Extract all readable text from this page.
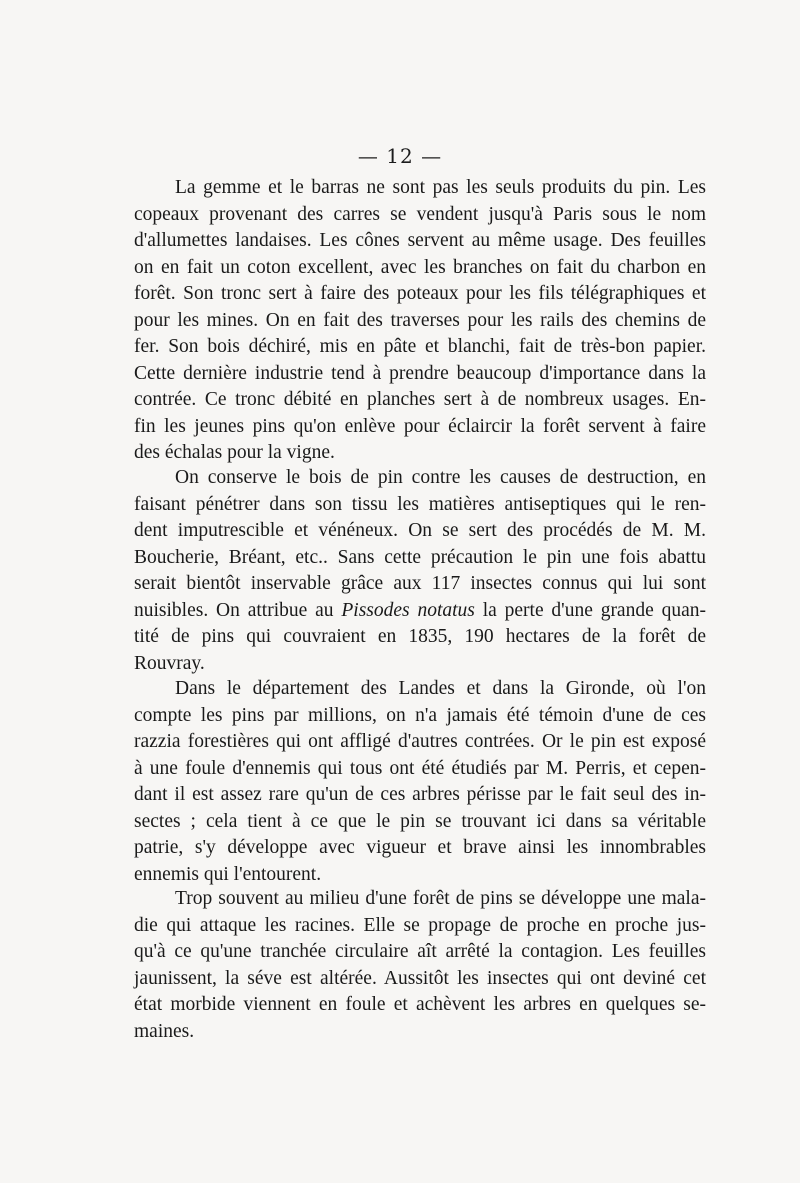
— 12 —

La gemme et le barras ne sont pas les seuls produits du pin. Les
copeaux provenant des carres se vendent jusqu'à Paris sous le nom
d'allumettes landaises. Les cônes servent au même usage. Des feuilles
on en fait un coton excellent, avec les branches on fait du charbon en
forêt. Son tronc sert à faire des poteaux pour les fils télégraphiques et
pour les mines. On en fait des traverses pour les rails des chemins de
fer. Son bois déchiré, mis en pâte et blanchi, fait de très-bon papier.
Cette dernière industrie tend à prendre beaucoup d'importance dans la
contrée. Ce tronc débité en planches sert à de nombreux usages. En-
fin les jeunes pins qu'on enlève pour éclaircir la forêt servent à faire
des échalas pour la vigne.

On conserve le bois de pin contre les causes de destruction, en
faisant pénétrer dans son tissu les matières antiseptiques qui le ren-
dent imputrescible et vénéneux. On se sert des procédés de M. M.
Boucherie, Bréant, etc.. Sans cette précaution le pin une fois abattu
serait bientôt inservable grâce aux 117 insectes connus qui lui sont
nuisibles. On attribue au Pissodes notatus la perte d'une grande quan-
tité de pins qui couvraient en 1835, 190 hectares de la forêt de
Rouvray.

Dans le département des Landes et dans la Gironde, où l'on
compte les pins par millions, on n'a jamais été témoin d'une de ces
razzia forestières qui ont affligé d'autres contrées. Or le pin est exposé
à une foule d'ennemis qui tous ont été étudiés par M. Perris, et cepen-
dant il est assez rare qu'un de ces arbres périsse par le fait seul des in-
sectes ; cela tient à ce que le pin se trouvant ici dans sa véritable
patrie, s'y développe avec vigueur et brave ainsi les innombrables
ennemis qui l'entourent.

Trop souvent au milieu d'une forêt de pins se développe une mala-
die qui attaque les racines. Elle se propage de proche en proche jus-
qu'à ce qu'une tranchée circulaire aît arrêté la contagion. Les feuilles
jaunissent, la séve est altérée. Aussitôt les insectes qui ont deviné cet
état morbide viennent en foule et achèvent les arbres en quelques se-
maines.
